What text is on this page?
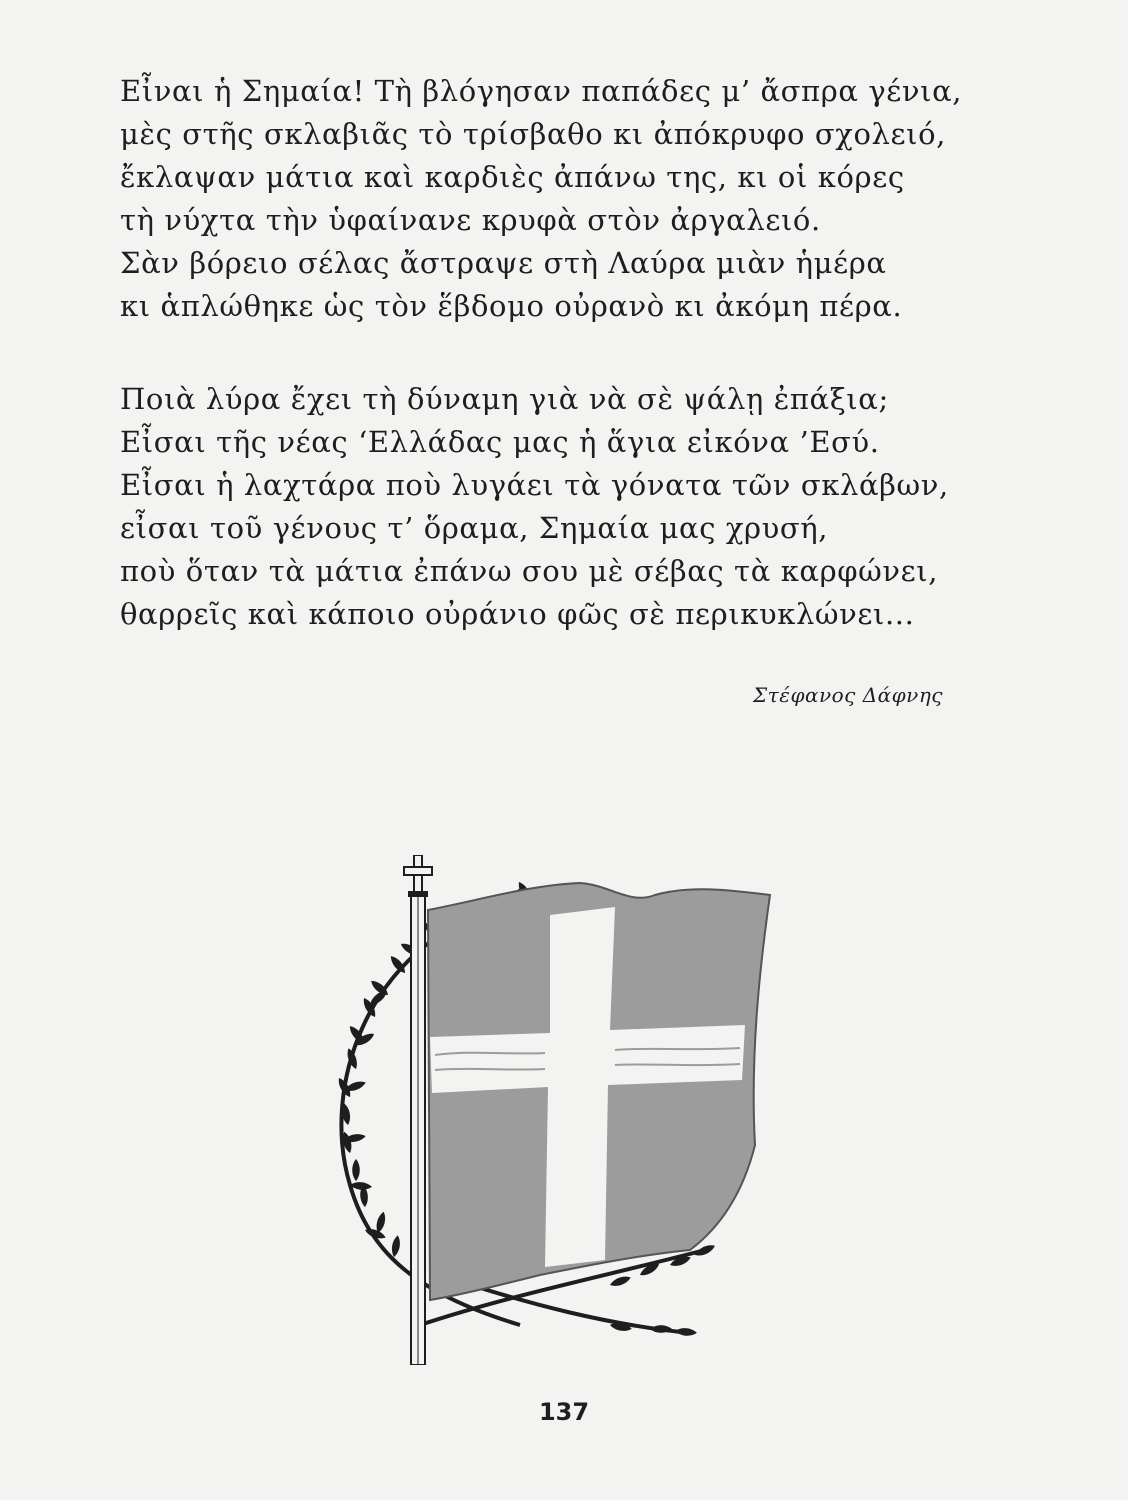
Εἶναι ἡ Σημαία! Τὴ βλόγησαν παπάδες μ’ ἄσπρα γένια,
μὲς στῆς σκλαβιᾶς τὸ τρίσβαθο κι ἀπόκρυφο σχολειό,
ἔκλαψαν μάτια καὶ καρδιὲς ἀπάνω της, κι οἱ κόρες
τὴ νύχτα τὴν ὑφαίνανε κρυφὰ στὸν ἀργαλειό.
Σὰν βόρειο σέλας ἄστραψε στὴ Λαύρα μιὰν ἡμέρα
κι ἁπλώθηκε ὡς τὸν ἕβδομο οὐρανὸ κι ἀκόμη πέρα.
Ποιὰ λύρα ἔχει τὴ δύναμη γιὰ νὰ σὲ ψάλῃ ἐπάξια;
Εἶσαι τῆς νέας ‘Ελλάδας μας ἡ ἅγια εἰκόνα ’Εσύ.
Εἶσαι ἡ λαχτάρα ποὺ λυγάει τὰ γόνατα τῶν σκλάβων,
εἶσαι τοῦ γένους τ’ ὅραμα, Σημαία μας χρυσή,
ποὺ ὅταν τὰ μάτια ἐπάνω σου μὲ σέβας τὰ καρφώνει,
θαρρεῖς καὶ κάποιο οὐράνιο φῶς σὲ περικυκλώνει...
Στέφανος Δάφνης
137
